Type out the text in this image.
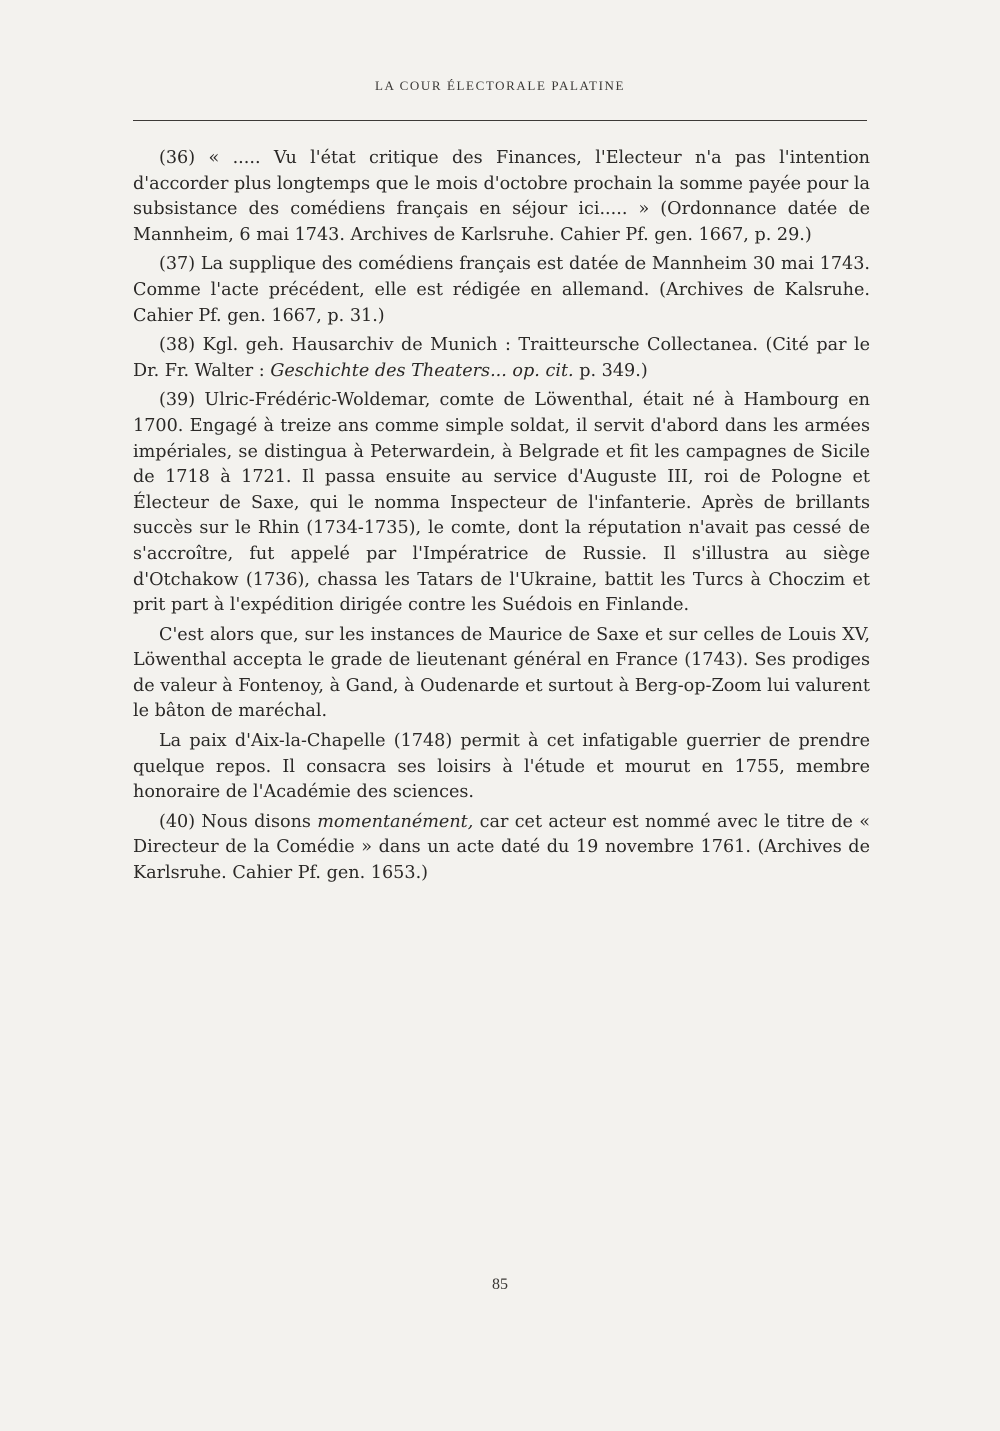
LA COUR ÉLECTORALE PALATINE

(36) « ..... Vu l'état critique des Finances, l'Electeur n'a pas l'intention d'accorder plus longtemps que le mois d'octobre prochain la somme payée pour la subsistance des comédiens français en séjour ici..... » (Ordonnance datée de Mannheim, 6 mai 1743. Archives de Karlsruhe. Cahier Pf. gen. 1667, p. 29.)

(37) La supplique des comédiens français est datée de Mannheim 30 mai 1743. Comme l'acte précédent, elle est rédigée en allemand. (Archives de Kalsruhe. Cahier Pf. gen. 1667, p. 31.)

(38) Kgl. geh. Hausarchiv de Munich : Traitteursche Collectanea. (Cité par le Dr. Fr. Walter : Geschichte des Theaters... op. cit. p. 349.)

(39) Ulric-Frédéric-Woldemar, comte de Löwenthal, était né à Hambourg en 1700. Engagé à treize ans comme simple soldat, il servit d'abord dans les armées impériales, se distingua à Peterwardein, à Belgrade et fit les campagnes de Sicile de 1718 à 1721. Il passa ensuite au service d'Auguste III, roi de Pologne et Électeur de Saxe, qui le nomma Inspecteur de l'infanterie. Après de brillants succès sur le Rhin (1734-1735), le comte, dont la réputation n'avait pas cessé de s'accroître, fut appelé par l'Impératrice de Russie. Il s'illustra au siège d'Otchakow (1736), chassa les Tatars de l'Ukraine, battit les Turcs à Choczim et prit part à l'expédition dirigée contre les Suédois en Finlande.

C'est alors que, sur les instances de Maurice de Saxe et sur celles de Louis XV, Löwenthal accepta le grade de lieutenant général en France (1743). Ses prodiges de valeur à Fontenoy, à Gand, à Oudenarde et surtout à Berg-op-Zoom lui valurent le bâton de maréchal.

La paix d'Aix-la-Chapelle (1748) permit à cet infatigable guerrier de prendre quelque repos. Il consacra ses loisirs à l'étude et mourut en 1755, membre honoraire de l'Académie des sciences.

(40) Nous disons momentanément, car cet acteur est nommé avec le titre de « Directeur de la Comédie » dans un acte daté du 19 novembre 1761. (Archives de Karlsruhe. Cahier Pf. gen. 1653.)

85
